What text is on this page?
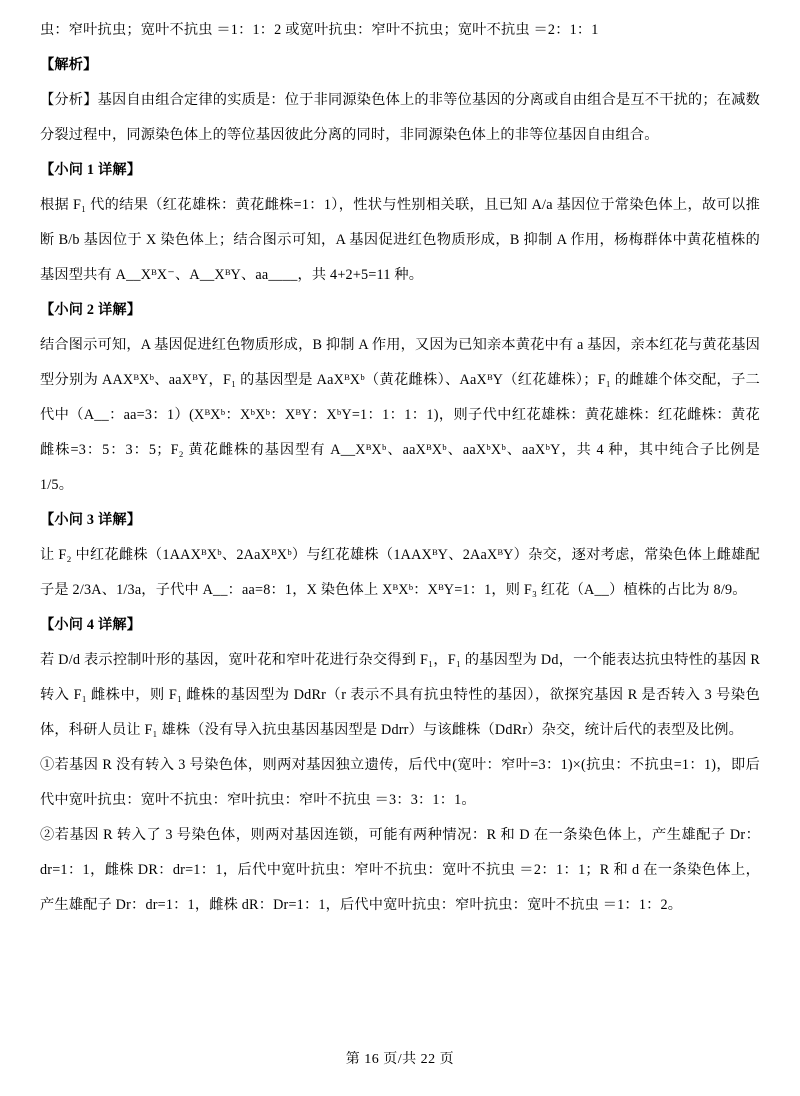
虫：窄叶抗虫；宽叶不抗虫 ＝1：1：2 或宽叶抗虫：窄叶不抗虫；宽叶不抗虫 ＝2：1：1

【解析】

【分析】基因自由组合定律的实质是：位于非同源染色体上的非等位基因的分离或自由组合是互不干扰的；在减数分裂过程中，同源染色体上的等位基因彼此分离的同时，非同源染色体上的非等位基因自由组合。

【小问 1 详解】

根据 F₁ 代的结果（红花雄株：黄花雌株=1：1），性状与性别相关联，且已知 A/a 基因位于常染色体上，故可以推断 B/b 基因位于 X 染色体上；结合图示可知，A 基因促进红色物质形成，B 抑制 A 作用，杨梅群体中黄花植株的基因型共有 A__XᴮX⁻、A__XᴮY、aa____，共 4+2+5=11 种。

【小问 2 详解】

结合图示可知，A 基因促进红色物质形成，B 抑制 A 作用，又因为已知亲本黄花中有 a 基因，亲本红花与黄花基因型分别为 AAXᴮXᵇ、aaXᴮY，F₁ 的基因型是 AaXᴮXᵇ（黄花雌株）、AaXᴮY（红花雄株）；F₁ 的雌雄个体交配，子二代中（A__：aa=3：1）(XᴮXᵇ：XᵇXᵇ：XᴮY：XᵇY=1：1：1：1)，则子代中红花雄株：黄花雄株：红花雌株：黄花雌株=3：5：3：5；F₂ 黄花雌株的基因型有 A__XᴮXᵇ、aaXᴮXᵇ、aaXᵇXᵇ、aaXᵇY，共 4 种，其中纯合子比例是 1/5。

【小问 3 详解】

让 F₂ 中红花雌株（1AAXᴮXᵇ、2AaXᴮXᵇ）与红花雄株（1AAXᴮY、2AaXᴮY）杂交，逐对考虑，常染色体上雌雄配子是 2/3A、1/3a，子代中 A__：aa=8：1，X 染色体上 XᴮXᵇ：XᴮY=1：1，则 F₃ 红花（A__）植株的占比为 8/9。

【小问 4 详解】

若 D/d 表示控制叶形的基因，宽叶花和窄叶花进行杂交得到 F₁，F₁ 的基因型为 Dd，一个能表达抗虫特性的基因 R 转入 F₁ 雌株中，则 F₁ 雌株的基因型为 DdRr（r 表示不具有抗虫特性的基因），欲探究基因 R 是否转入 3 号染色体，科研人员让 F₁ 雄株（没有导入抗虫基因基因型是 Ddrr）与该雌株（DdRr）杂交，统计后代的表型及比例。

①若基因 R 没有转入 3 号染色体，则两对基因独立遗传，后代中(宽叶：窄叶=3：1)×(抗虫：不抗虫=1：1)，即后代中宽叶抗虫：宽叶不抗虫：窄叶抗虫：窄叶不抗虫 ＝3：3：1：1。

②若基因 R 转入了 3 号染色体，则两对基因连锁，可能有两种情况：R 和 D 在一条染色体上，产生雄配子 Dr：dr=1：1，雌株 DR：dr=1：1，后代中宽叶抗虫：窄叶不抗虫：宽叶不抗虫 ＝2：1：1；R 和 d 在一条染色体上，产生雄配子 Dr：dr=1：1，雌株 dR：Dr=1：1，后代中宽叶抗虫：窄叶抗虫：宽叶不抗虫 ＝1：1：2。

第 16 页/共 22 页
